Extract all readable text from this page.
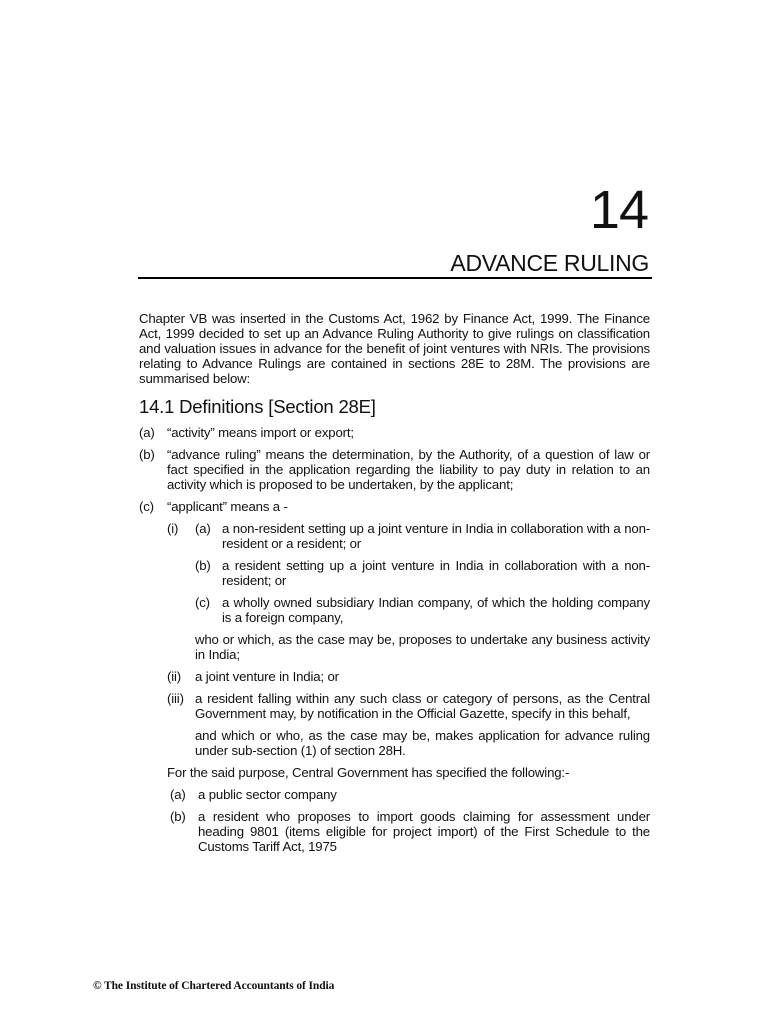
14
ADVANCE RULING

Chapter VB was inserted in the Customs Act, 1962 by Finance Act, 1999. The Finance Act, 1999 decided to set up an Advance Ruling Authority to give rulings on classification and valuation issues in advance for the benefit of joint ventures with NRIs. The provisions relating to Advance Rulings are contained in sections 28E to 28M. The provisions are summarised below:

14.1 Definitions [Section 28E]
(a) “activity” means import or export;
(b) “advance ruling” means the determination, by the Authority, of a question of law or fact specified in the application regarding the liability to pay duty in relation to an activity which is proposed to be undertaken, by the applicant;
(c) “applicant” means a -
(i) (a) a non-resident setting up a joint venture in India in collaboration with a non-resident or a resident; or
(b) a resident setting up a joint venture in India in collaboration with a non-resident; or
(c) a wholly owned subsidiary Indian company, of which the holding company is a foreign company,
who or which, as the case may be, proposes to undertake any business activity in India;
(ii) a joint venture in India; or
(iii) a resident falling within any such class or category of persons, as the Central Government may, by notification in the Official Gazette, specify in this behalf,
and which or who, as the case may be, makes application for advance ruling under sub-section (1) of section 28H.
For the said purpose, Central Government has specified the following:-
(a) a public sector company
(b) a resident who proposes to import goods claiming for assessment under heading 9801 (items eligible for project import) of the First Schedule to the Customs Tariff Act, 1975
© The Institute of Chartered Accountants of India
